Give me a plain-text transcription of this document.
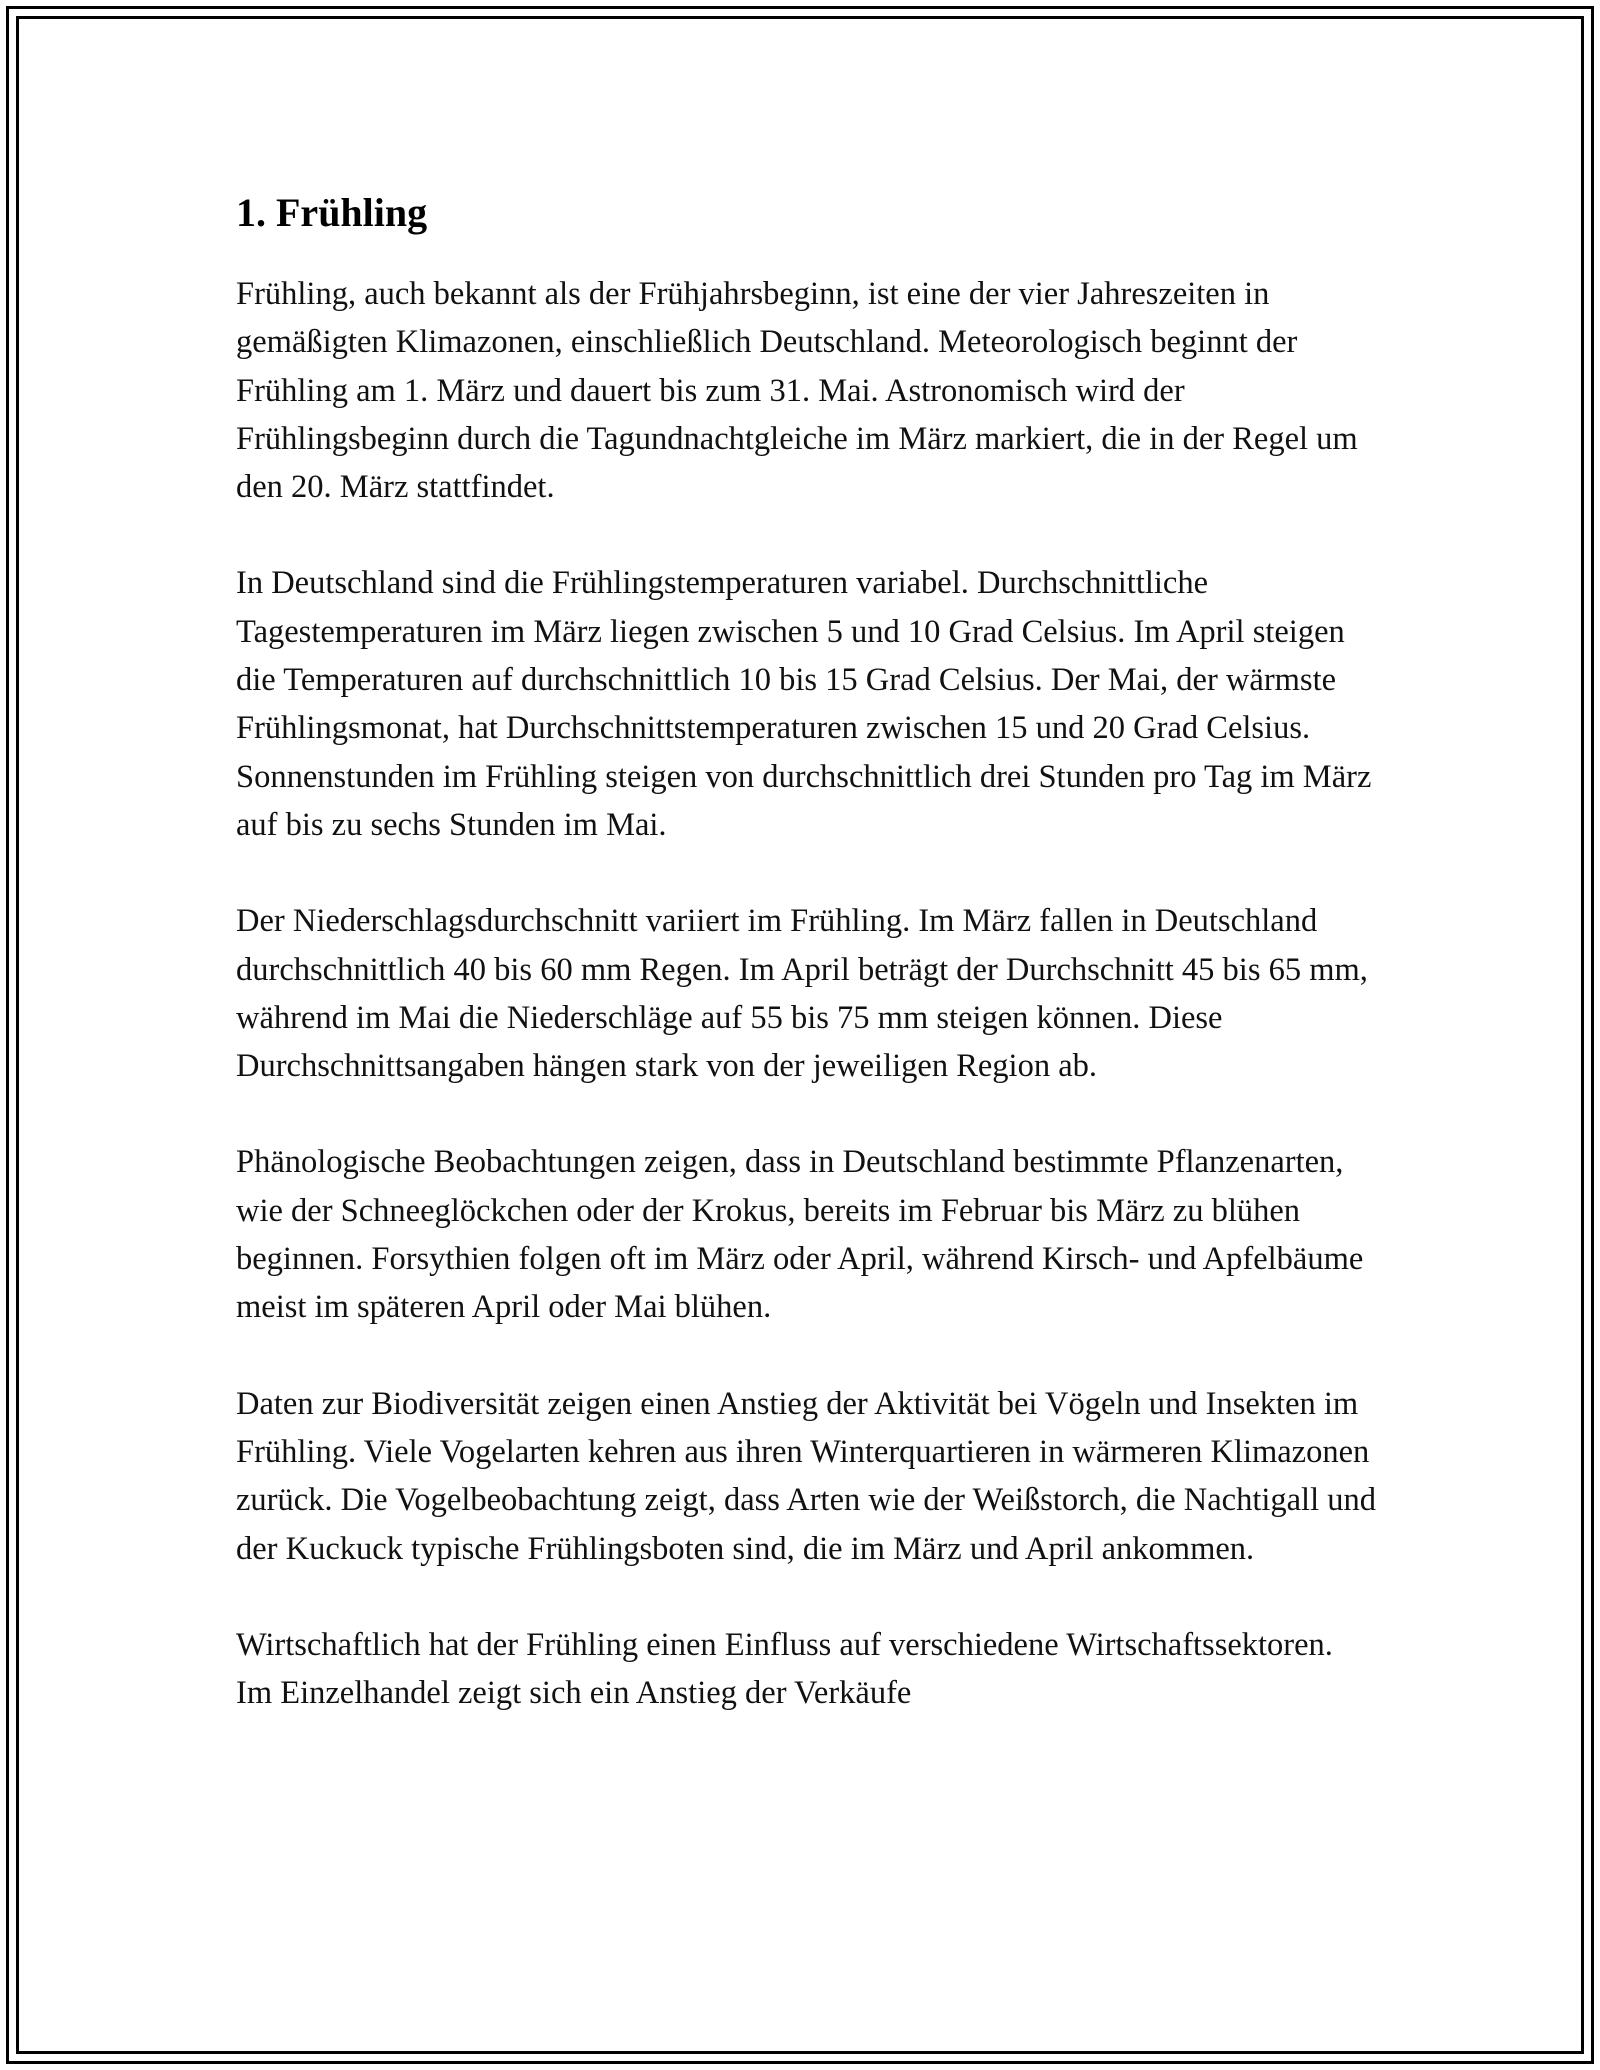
1. Frühling

Frühling, auch bekannt als der Frühjahrsbeginn, ist eine der vier Jahreszeiten in gemäßigten Klimazonen, einschließlich Deutschland. Meteorologisch beginnt der Frühling am 1. März und dauert bis zum 31. Mai. Astronomisch wird der Frühlingsbeginn durch die Tagundnachtgleiche im März markiert, die in der Regel um den 20. März stattfindet.

In Deutschland sind die Frühlingstemperaturen variabel. Durchschnittliche Tagestemperaturen im März liegen zwischen 5 und 10 Grad Celsius. Im April steigen die Temperaturen auf durchschnittlich 10 bis 15 Grad Celsius. Der Mai, der wärmste Frühlingsmonat, hat Durchschnittstemperaturen zwischen 15 und 20 Grad Celsius. Sonnenstunden im Frühling steigen von durchschnittlich drei Stunden pro Tag im März auf bis zu sechs Stunden im Mai.

Der Niederschlagsdurchschnitt variiert im Frühling. Im März fallen in Deutschland durchschnittlich 40 bis 60 mm Regen. Im April beträgt der Durchschnitt 45 bis 65 mm, während im Mai die Niederschläge auf 55 bis 75 mm steigen können. Diese Durchschnittsangaben hängen stark von der jeweiligen Region ab.

Phänologische Beobachtungen zeigen, dass in Deutschland bestimmte Pflanzenarten, wie der Schneeglöckchen oder der Krokus, bereits im Februar bis März zu blühen beginnen. Forsythien folgen oft im März oder April, während Kirsch- und Apfelbäume meist im späteren April oder Mai blühen.

Daten zur Biodiversität zeigen einen Anstieg der Aktivität bei Vögeln und Insekten im Frühling. Viele Vogelarten kehren aus ihren Winterquartieren in wärmeren Klimazonen zurück. Die Vogelbeobachtung zeigt, dass Arten wie der Weißstorch, die Nachtigall und der Kuckuck typische Frühlingsboten sind, die im März und April ankommen.

Wirtschaftlich hat der Frühling einen Einfluss auf verschiedene Wirtschaftssektoren. Im Einzelhandel zeigt sich ein Anstieg der Verkäufe
